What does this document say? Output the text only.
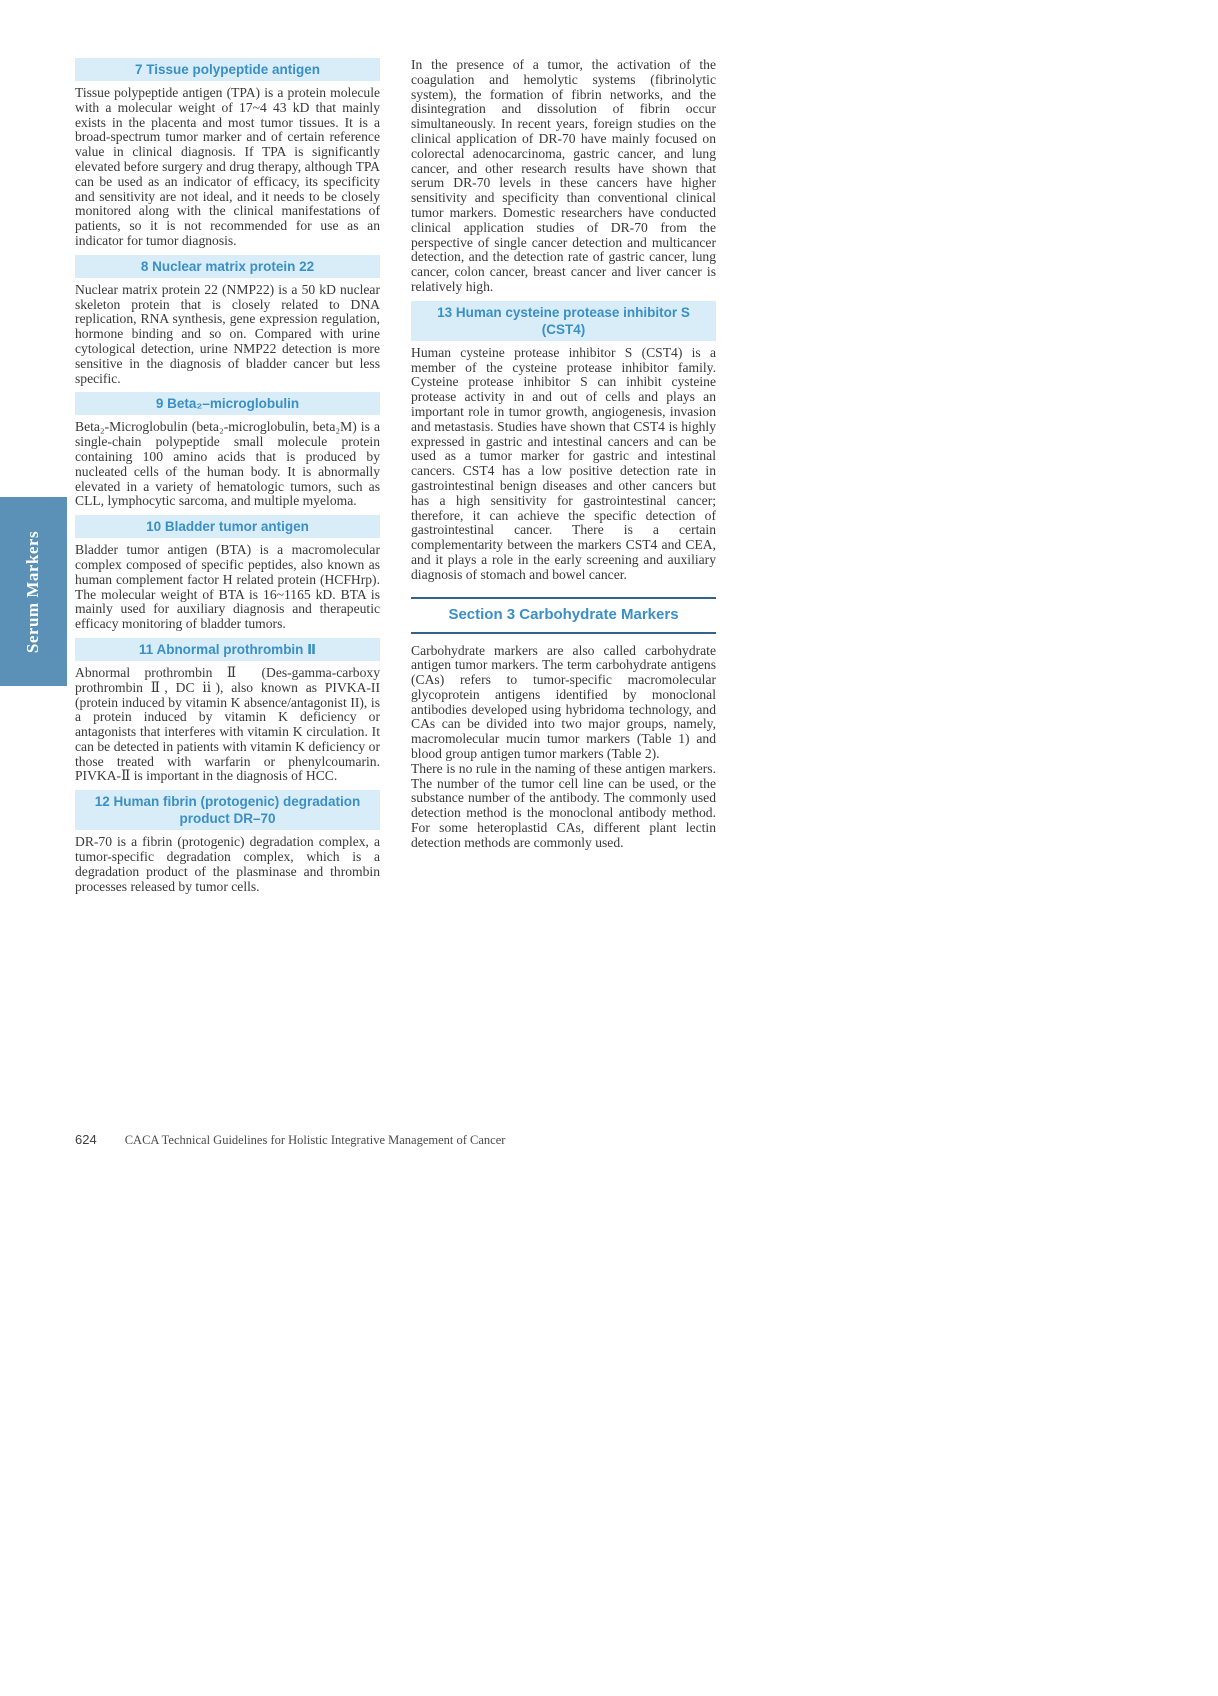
Serum Markers
7 Tissue polypeptide antigen

Tissue polypeptide antigen (TPA) is a protein molecule with a molecular weight of 17~4 43 kD that mainly exists in the placenta and most tumor tissues. It is a broad-spectrum tumor marker and of certain reference value in clinical diagnosis. If TPA is significantly elevated before surgery and drug therapy, although TPA can be used as an indicator of efficacy, its specificity and sensitivity are not ideal, and it needs to be closely monitored along with the clinical manifestations of patients, so it is not recommended for use as an indicator for tumor diagnosis.

8 Nuclear matrix protein 22

Nuclear matrix protein 22 (NMP22) is a 50 kD nuclear skeleton protein that is closely related to DNA replication, RNA synthesis, gene expression regulation, hormone binding and so on. Compared with urine cytological detection, urine NMP22 detection is more sensitive in the diagnosis of bladder cancer but less specific.

9 Beta₂–microglobulin

Beta₂-Microglobulin (beta₂-microglobulin, beta₂M) is a single-chain polypeptide small molecule protein containing 100 amino acids that is produced by nucleated cells of the human body. It is abnormally elevated in a variety of hematologic tumors, such as CLL, lymphocytic sarcoma, and multiple myeloma.

10 Bladder tumor antigen

Bladder tumor antigen (BTA) is a macromolecular complex composed of specific peptides, also known as human complement factor H related protein (HCFHrp). The molecular weight of BTA is 16~1165 kD. BTA is mainly used for auxiliary diagnosis and therapeutic efficacy monitoring of bladder tumors.

11 Abnormal prothrombin Ⅱ

Abnormal prothrombin Ⅱ (Des-gamma-carboxy prothrombin Ⅱ, DC ⅱ), also known as PIVKA-II (protein induced by vitamin K absence/antagonist II), is a protein induced by vitamin K deficiency or antagonists that interferes with vitamin K circulation. It can be detected in patients with vitamin K deficiency or those treated with warfarin or phenylcoumarin. PIVKA-Ⅱ is important in the diagnosis of HCC.

12 Human fibrin (protogenic) degradation product DR–70

DR-70 is a fibrin (protogenic) degradation complex, a tumor-specific degradation complex, which is a degradation product of the plasminase and thrombin processes released by tumor cells.

In the presence of a tumor, the activation of the coagulation and hemolytic systems (fibrinolytic system), the formation of fibrin networks, and the disintegration and dissolution of fibrin occur simultaneously. In recent years, foreign studies on the clinical application of DR-70 have mainly focused on colorectal adenocarcinoma, gastric cancer, and lung cancer, and other research results have shown that serum DR-70 levels in these cancers have higher sensitivity and specificity than conventional clinical tumor markers. Domestic researchers have conducted clinical application studies of DR-70 from the perspective of single cancer detection and multicancer detection, and the detection rate of gastric cancer, lung cancer, colon cancer, breast cancer and liver cancer is relatively high.

13 Human cysteine protease inhibitor S (CST4)

Human cysteine protease inhibitor S (CST4) is a member of the cysteine protease inhibitor family. Cysteine protease inhibitor S can inhibit cysteine protease activity in and out of cells and plays an important role in tumor growth, angiogenesis, invasion and metastasis. Studies have shown that CST4 is highly expressed in gastric and intestinal cancers and can be used as a tumor marker for gastric and intestinal cancers. CST4 has a low positive detection rate in gastrointestinal benign diseases and other cancers but has a high sensitivity for gastrointestinal cancer; therefore, it can achieve the specific detection of gastrointestinal cancer. There is a certain complementarity between the markers CST4 and CEA, and it plays a role in the early screening and auxiliary diagnosis of stomach and bowel cancer.

Section 3 Carbohydrate Markers

Carbohydrate markers are also called carbohydrate antigen tumor markers. The term carbohydrate antigens (CAs) refers to tumor-specific macromolecular glycoprotein antigens identified by monoclonal antibodies developed using hybridoma technology, and CAs can be divided into two major groups, namely, macromolecular mucin tumor markers (Table 1) and blood group antigen tumor markers (Table 2).

There is no rule in the naming of these antigen markers. The number of the tumor cell line can be used, or the substance number of the antibody. The commonly used detection method is the monoclonal antibody method. For some heteroplastid CAs, different plant lectin detection methods are commonly used.

624 CACA Technical Guidelines for Holistic Integrative Management of Cancer
